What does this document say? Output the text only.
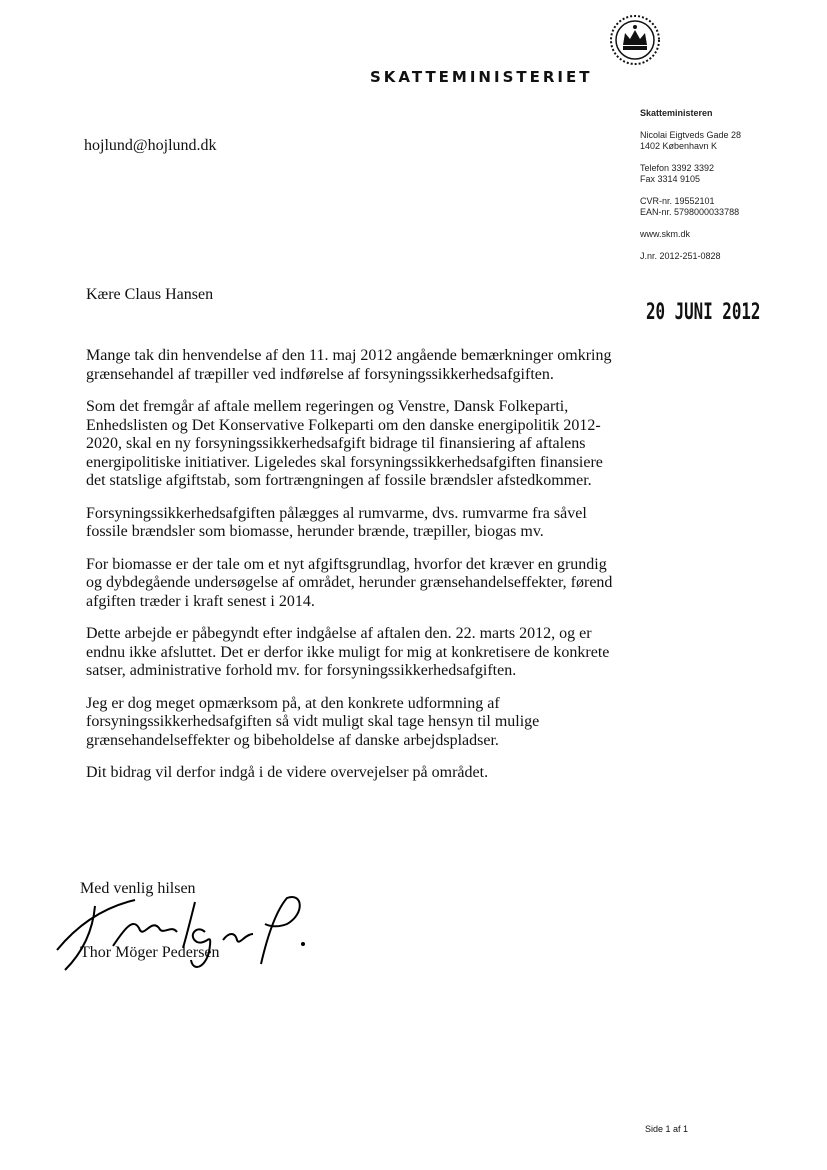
SKATTEMINISTERIET
Skatteministeren
Nicolai Eigtveds Gade 28
1402 København K
Telefon 3392 3392
Fax 3314 9105
CVR-nr. 19552101
EAN-nr. 5798000033788
www.skm.dk
J.nr. 2012-251-0828
20 JUNI 2012
hojlund@hojlund.dk
Kære Claus Hansen

Mange tak din henvendelse af den 11. maj 2012 angående bemærkninger omkring grænsehandel af træpiller ved indførelse af forsyningssikkerhedsafgiften.

Som det fremgår af aftale mellem regeringen og Venstre, Dansk Folkeparti, Enhedslisten og Det Konservative Folkeparti om den danske energipolitik 2012-2020, skal en ny forsyningssikkerhedsafgift bidrage til finansiering af aftalens energipolitiske initiativer. Ligeledes skal forsyningssikkerhedsafgiften finansiere det statslige afgiftstab, som fortrængningen af fossile brændsler afstedkommer.

Forsyningssikkerhedsafgiften pålægges al rumvarme, dvs. rumvarme fra såvel fossile brændsler som biomasse, herunder brænde, træpiller, biogas mv.

For biomasse er der tale om et nyt afgiftsgrundlag, hvorfor det kræver en grundig og dybdegående undersøgelse af området, herunder grænsehandelseffekter, førend afgiften træder i kraft senest i 2014.

Dette arbejde er påbegyndt efter indgåelse af aftalen den. 22. marts 2012, og er endnu ikke afsluttet. Det er derfor ikke muligt for mig at konkretisere de konkrete satser, administrative forhold mv. for forsyningssikkerhedsafgiften.

Jeg er dog meget opmærksom på, at den konkrete udformning af forsyningssikkerhedsafgiften så vidt muligt skal tage hensyn til mulige grænsehandelseffekter og bibeholdelse af danske arbejdspladser.

Dit bidrag vil derfor indgå i de videre overvejelser på området.

Med venlig hilsen
Thor Möger Pedersen
Side 1 af 1
